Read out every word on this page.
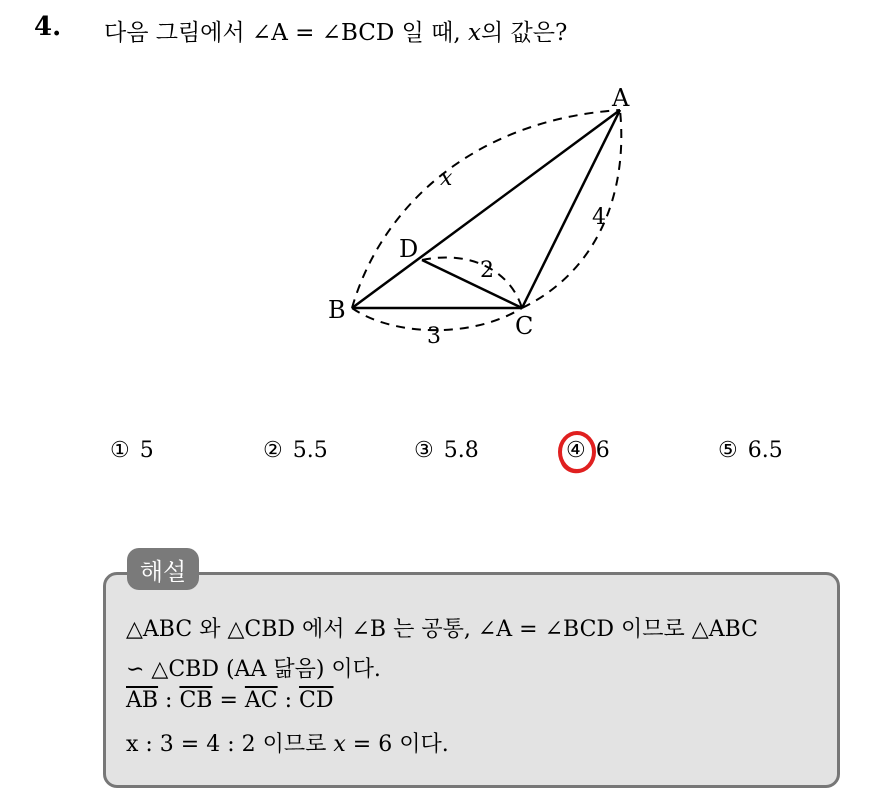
4. 다음 그림에서 ∠A = ∠BCD 일 때, x의 값은?
A
B
C
D
x
4
2
3
① 5	② 5.5	③ 5.8	④ 6	⑤ 6.5
해설
△ABC 와 △CBD 에서 ∠B 는 공통, ∠A = ∠BCD 이므로 △ABC
∽ △CBD (AA 닮음) 이다.
$\overline{AB}$ : $\overline{CB} = \overline{AC}$ : $\overline{CD}$
x : 3 = 4 : 2 이므로 x = 6 이다.
